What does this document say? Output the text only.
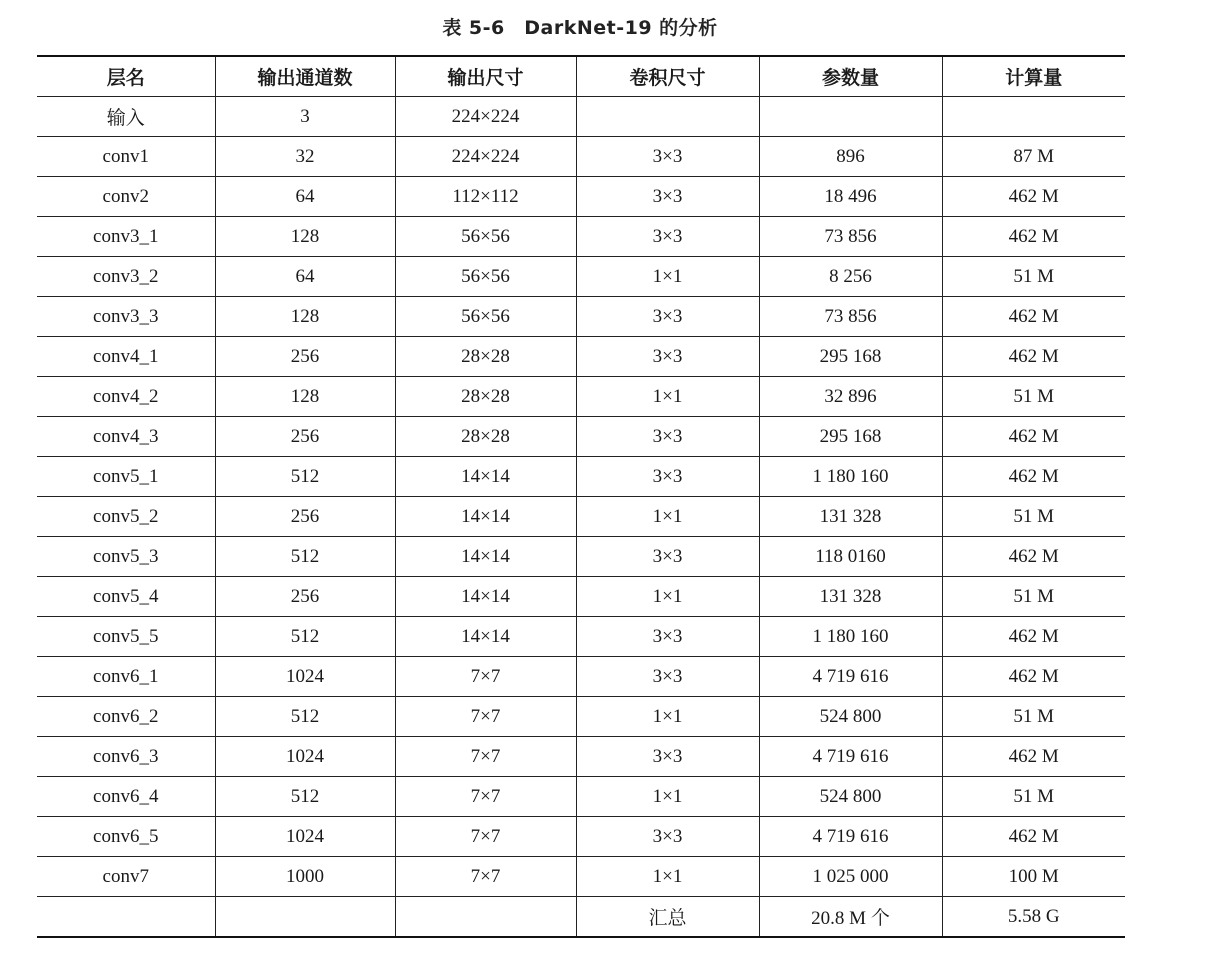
表 5-6　DarkNet-19 的分析
层名	输出通道数	输出尺寸	卷积尺寸	参数量	计算量
输入	3	224×224			
conv1	32	224×224	3×3	896	87 M
conv2	64	112×112	3×3	18 496	462 M
conv3_1	128	56×56	3×3	73 856	462 M
conv3_2	64	56×56	1×1	8 256	51 M
conv3_3	128	56×56	3×3	73 856	462 M
conv4_1	256	28×28	3×3	295 168	462 M
conv4_2	128	28×28	1×1	32 896	51 M
conv4_3	256	28×28	3×3	295 168	462 M
conv5_1	512	14×14	3×3	1 180 160	462 M
conv5_2	256	14×14	1×1	131 328	51 M
conv5_3	512	14×14	3×3	118 0160	462 M
conv5_4	256	14×14	1×1	131 328	51 M
conv5_5	512	14×14	3×3	1 180 160	462 M
conv6_1	1024	7×7	3×3	4 719 616	462 M
conv6_2	512	7×7	1×1	524 800	51 M
conv6_3	1024	7×7	3×3	4 719 616	462 M
conv6_4	512	7×7	1×1	524 800	51 M
conv6_5	1024	7×7	3×3	4 719 616	462 M
conv7	1000	7×7	1×1	1 025 000	100 M
			汇总	20.8 M 个	5.58 G
